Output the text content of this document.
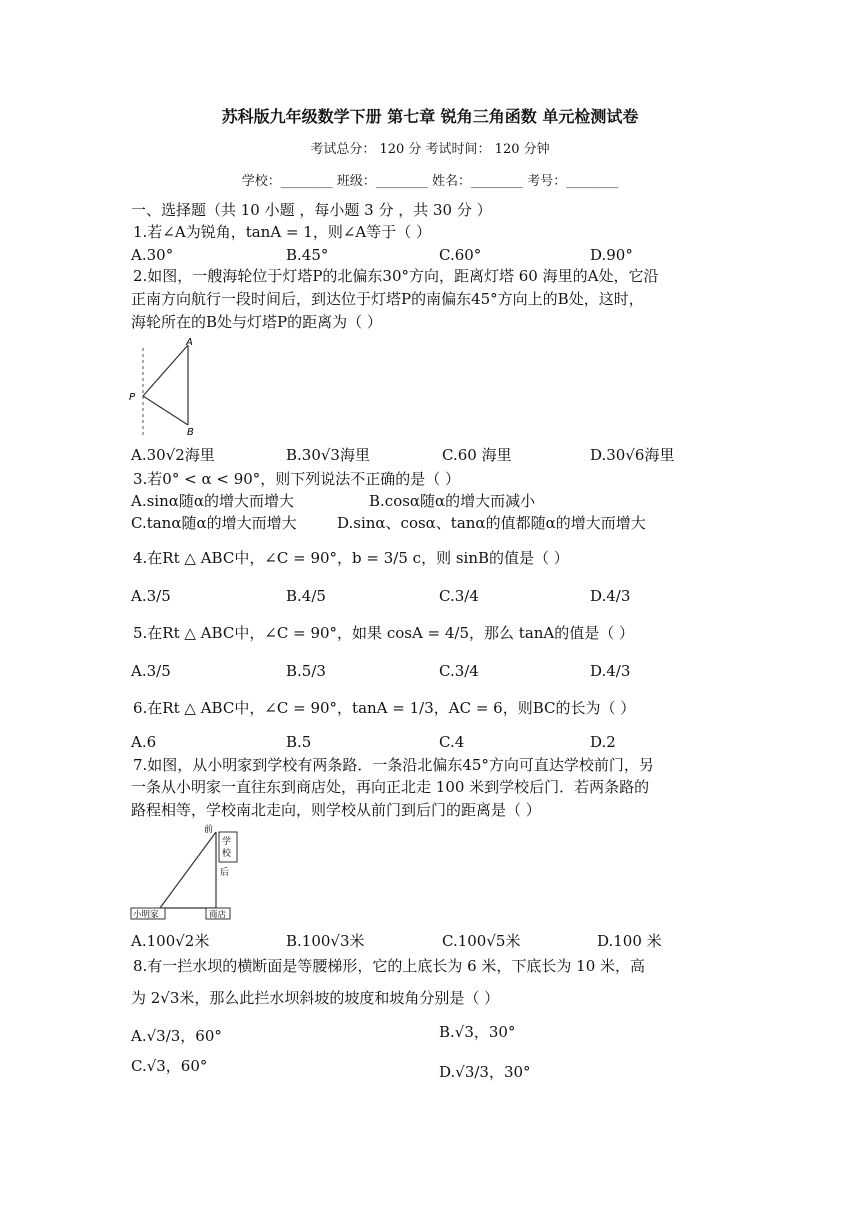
苏科版九年级数学下册 第七章 锐角三角函数 单元检测试卷
考试总分： 120 分 考试时间： 120 分钟
学校：________ 班级：________ 姓名：________ 考号：________
一、选择题（共 10 小题 ，每小题 3 分 ，共 30 分 ）
1.若∠A为锐角，tanA = 1，则∠A等于（ ）
A.30°	B.45°	C.60°	D.90°
2.如图，一艘海轮位于灯塔P的北偏东30°方向，距离灯塔 60 海里的A处，它沿
正南方向航行一段时间后，到达位于灯塔P的南偏东45°方向上的B处，这时，
海轮所在的B处与灯塔P的距离为（ ）
A
P
B
A.30√2海里	B.30√3海里	C.60 海里	D.30√6海里
3.若0° < α < 90°，则下列说法不正确的是（ ）
A.sinα随α的增大而增大	B.cosα随α的增大而减小
C.tanα随α的增大而增大	D.sinα、cosα、tanα的值都随α的增大而增大
4.在Rt △ ABC中，∠C = 90°，b = 3/5 c，则 sinB的值是（ ）
A.3/5	B.4/5	C.3/4	D.4/3
5.在Rt △ ABC中，∠C = 90°，如果 cosA = 4/5，那么 tanA的值是（ ）
A.3/5	B.5/3	C.3/4	D.4/3
6.在Rt △ ABC中，∠C = 90°，tanA = 1/3，AC = 6，则BC的长为（ ）
A.6	B.5	C.4	D.2
7.如图，从小明家到学校有两条路．一条沿北偏东45°方向可直达学校前门，另
一条从小明家一直往东到商店处，再向正北走 100 米到学校后门．若两条路的
路程相等，学校南北走向，则学校从前门到后门的距离是（ ）
学
校
前
后
小明家	商店
A.100√2米	B.100√3米	C.100√5米	D.100 米
8.有一拦水坝的横断面是等腰梯形，它的上底长为 6 米，下底长为 10 米，高
为 2√3米，那么此拦水坝斜坡的坡度和坡角分别是（ ）
A.√3/3，60°	B.√3，30°
C.√3，60°	D.√3/3，30°
